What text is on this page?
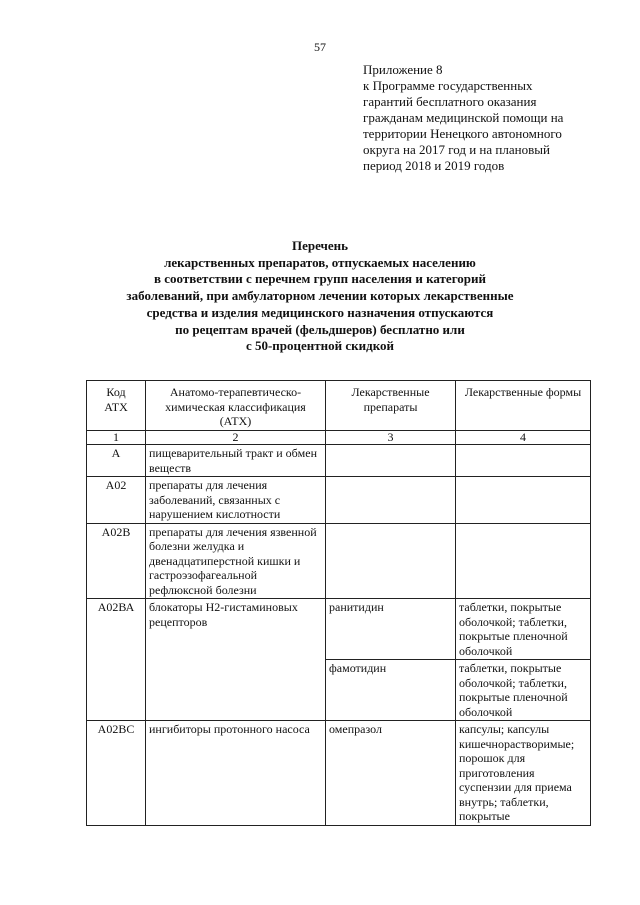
57
Приложение 8
к Программе государственных
гарантий бесплатного оказания
гражданам медицинской помощи на
территории Ненецкого автономного
округа на 2017 год и на плановый
период 2018 и 2019 годов
Перечень
лекарственных препаратов, отпускаемых населению
в соответствии с перечнем групп населения и категорий
заболеваний, при амбулаторном лечении которых лекарственные
средства и изделия медицинского назначения отпускаются
по рецептам врачей (фельдшеров) бесплатно или
с 50-процентной скидкой
Код АТХ	Анатомо-терапевтическо-химическая классификация (АТХ)	Лекарственные препараты	Лекарственные формы
1	2	3	4
А	пищеварительный тракт и обмен веществ		
А02	препараты для лечения заболеваний, связанных с нарушением кислотности		
А02В	препараты для лечения язвенной болезни желудка и двенадцатиперстной кишки и гастроэзофагеальной рефлюксной болезни		
А02ВА	блокаторы Н2-гистаминовых рецепторов	ранитидин	таблетки, покрытые оболочкой; таблетки, покрытые пленочной оболочкой
		фамотидин	таблетки, покрытые оболочкой; таблетки, покрытые пленочной оболочкой
А02ВС	ингибиторы протонного насоса	омепразол	капсулы; капсулы кишечнорастворимые; порошок для приготовления суспензии для приема внутрь; таблетки, покрытые
